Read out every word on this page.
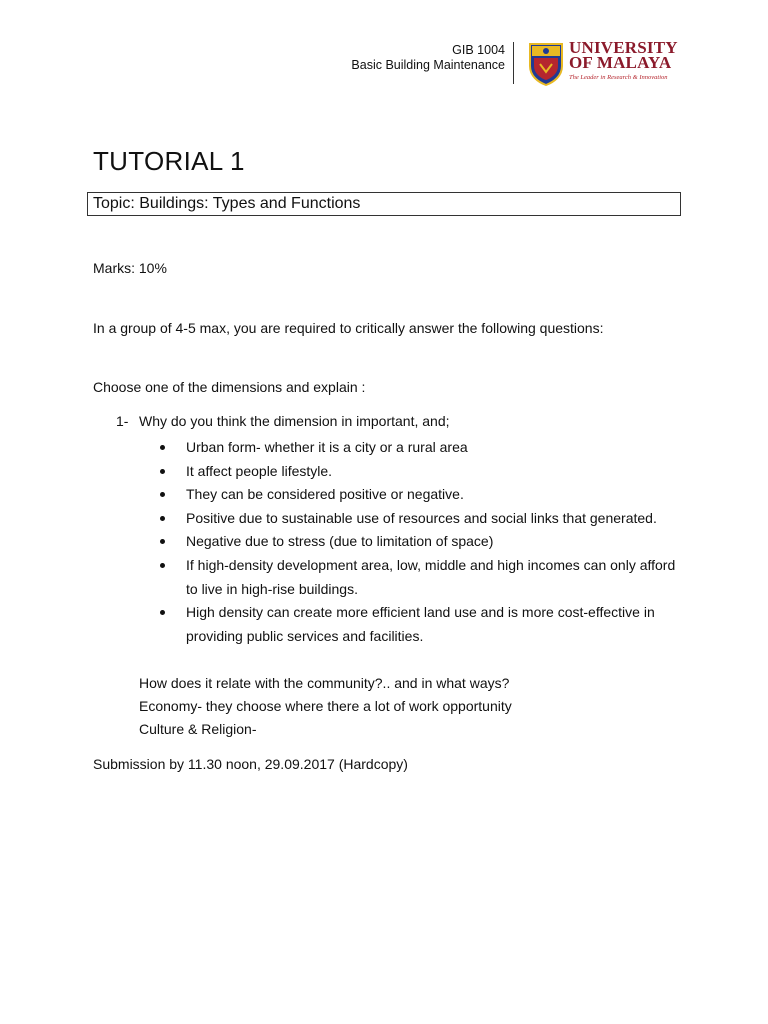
GIB 1004
Basic Building Maintenance
UNIVERSITY
OF MALAYA
The Leader in Research & Innovation
TUTORIAL 1
Topic: Buildings: Types and Functions
Marks: 10%
In a group of 4-5 max, you are required to critically answer the following questions:
Choose one of the dimensions and explain :
1- Why do you think the dimension in important, and;
Urban form- whether it is a city or a rural area
It affect people lifestyle.
They can be considered positive or negative.
Positive due to sustainable use of resources and social links that generated.
Negative due to stress (due to limitation of space)
If high-density development area, low, middle and high incomes can only afford to live in high-rise buildings.
High density can create more efficient land use and is more cost-effective in providing public services and facilities.
How does it relate with the community?.. and in what ways?
Economy- they choose where there a lot of work opportunity
Culture & Religion-
Submission by 11.30 noon, 29.09.2017 (Hardcopy)
